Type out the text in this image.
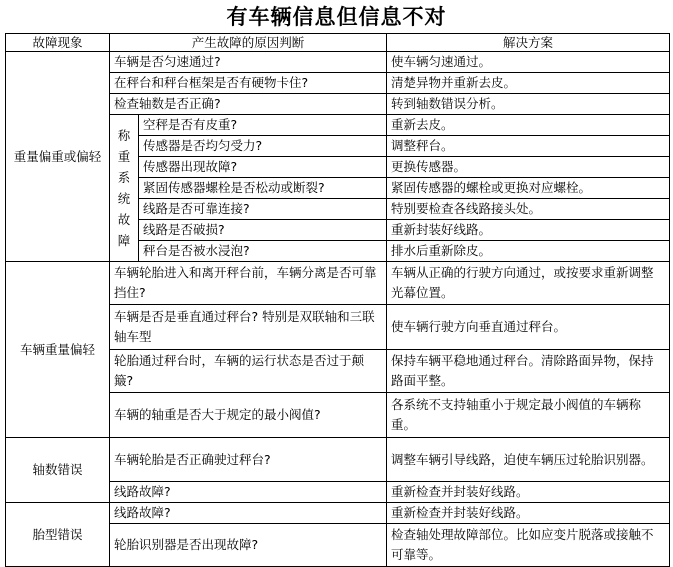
有车辆信息但信息不对
故障现象	产生故障的原因判断		解决方案
重量偏重或偏轻	车辆是否匀速通过?		使车辆匀速通过。
	在秤台和秤台框架是否有硬物卡住?		清楚异物并重新去皮。
	检查轴数是否正确?		转到轴数错误分析。

	称重系统故障	空秤是否有皮重?	重新去皮。
		传感器是否均匀受力?	调整秤台。
		传感器出现故障?	更换传感器。
		紧固传感器螺栓是否松动或断裂?	紧固传感器的螺栓或更换对应螺栓。
		线路是否可靠连接?	特别要检查各线路接头处。
		线路是否破损?	重新封装好线路。
		秤台是否被水浸泡?	排水后重新除皮。
车辆重量偏轻	车辆轮胎进入和离开秤台前，车辆分离是否可靠挡住?		车辆从正确的行驶方向通过，或按要求重新调整光幕位置。
	车辆是否是垂直通过秤台? 特别是双联轴和三联轴车型		使车辆行驶方向垂直通过秤台。
	轮胎通过秤台时，车辆的运行状态是否过于颠簸?		保持车辆平稳地通过秤台。清除路面异物，保持路面平整。
	车辆的轴重是否大于规定的最小阀值?		各系统不支持轴重小于规定最小阀值的车辆称重。
轴数错误	车辆轮胎是否正确驶过秤台?		调整车辆引导线路，迫使车辆压过轮胎识别器。
	线路故障?		重新检查并封装好线路。
胎型错误	线路故障?		重新检查并封装好线路。
	轮胎识别器是否出现故障?		检查轴处理故障部位。比如应变片脱落或接触不可靠等。
